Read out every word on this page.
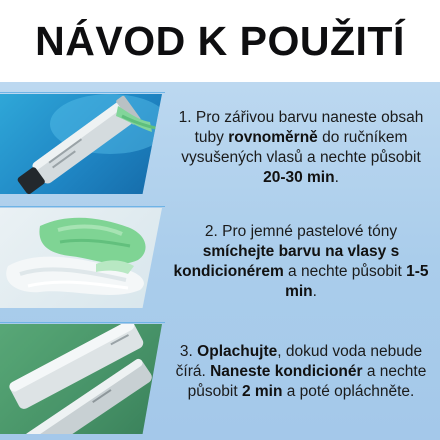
NÁVOD K POUŽITÍ
1. Pro zářivou barvu naneste obsah tuby rovnoměrně do ručníkem vysušených vlasů a nechte působit 20-30 min.
2. Pro jemné pastelové tóny smíchejte barvu na vlasy s kondicionérem a nechte působit 1-5 min.
3. Oplachujte, dokud voda nebude čírá. Naneste kondicionér a nechte působit 2 min a poté opláchněte.
